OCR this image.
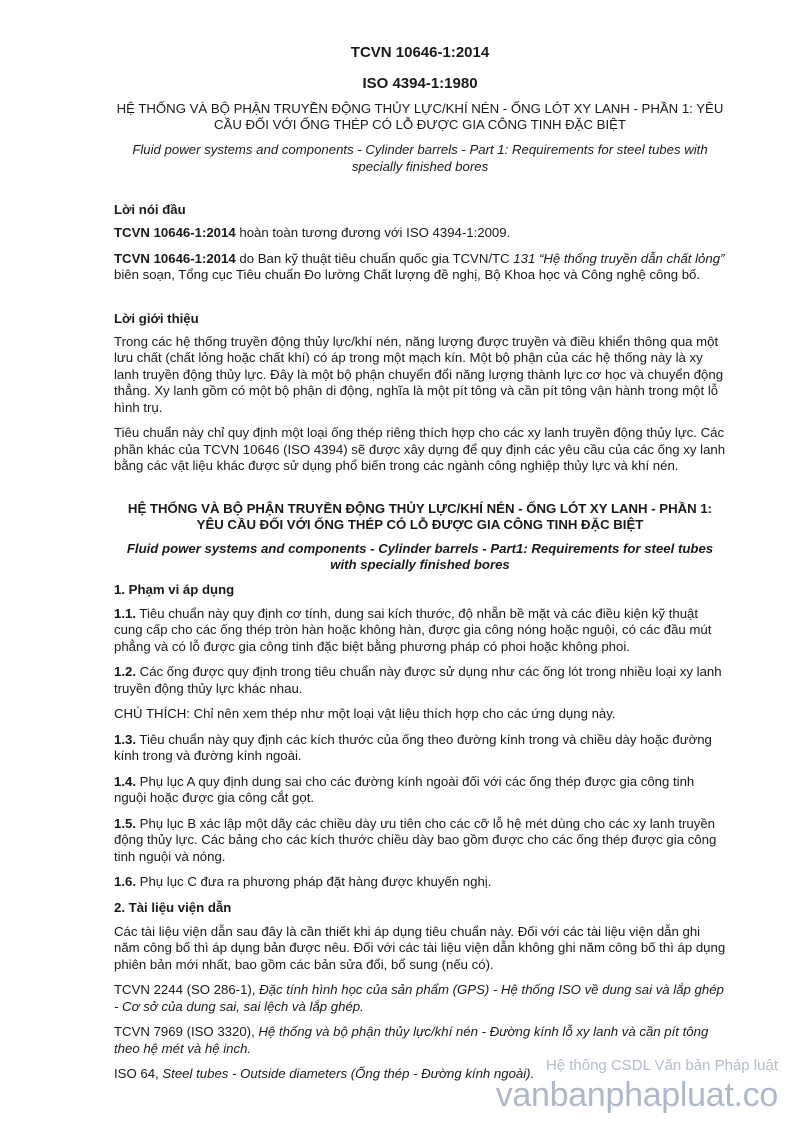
TCVN 10646-1:2014
ISO 4394-1:1980
HỆ THỐNG VÀ BỘ PHẬN TRUYỀN ĐỘNG THỦY LỰC/KHÍ NÉN - ỐNG LÓT XY LANH - PHẦN 1: YÊU CẦU ĐỐI VỚI ỐNG THÉP CÓ LỖ ĐƯỢC GIA CÔNG TINH ĐẶC BIỆT
Fluid power systems and components - Cylinder barrels - Part 1: Requirements for steel tubes with specially finished bores
Lời nói đầu

TCVN 10646-1:2014 hoàn toàn tương đương với ISO 4394-1:2009.

TCVN 10646-1:2014 do Ban kỹ thuật tiêu chuẩn quốc gia TCVN/TC 131 “Hệ thống truyền dẫn chất lỏng” biên soạn, Tổng cục Tiêu chuẩn Đo lường Chất lượng đề nghị, Bộ Khoa học và Công nghệ công bố.

Lời giới thiệu

Trong các hệ thống truyền động thủy lực/khí nén, năng lượng được truyền và điều khiển thông qua một lưu chất (chất lỏng hoặc chất khí) có áp trong một mạch kín. Một bộ phận của các hệ thống này là xy lanh truyền động thủy lực. Đây là một bộ phận chuyển đổi năng lượng thành lực cơ học và chuyển động thẳng. Xy lanh gồm có một bộ phận di động, nghĩa là một pít tông và cần pít tông vận hành trong một lỗ hình trụ.

Tiêu chuẩn này chỉ quy định một loại ống thép riêng thích hợp cho các xy lanh truyền động thủy lực. Các phần khác của TCVN 10646 (ISO 4394) sẽ được xây dựng để quy định các yêu cầu của các ống xy lanh bằng các vật liệu khác được sử dụng phổ biến trong các ngành công nghiệp thủy lực và khí nén.

HỆ THỐNG VÀ BỘ PHẬN TRUYỀN ĐỘNG THỦY LỰC/KHÍ NÉN - ỐNG LÓT XY LANH - PHẦN 1: YÊU CẦU ĐỐI VỚI ỐNG THÉP CÓ LỖ ĐƯỢC GIA CÔNG TINH ĐẶC BIỆT
Fluid power systems and components - Cylinder barrels - Part1: Requirements for steel tubes with specially finished bores
1. Phạm vi áp dụng

1.1. Tiêu chuẩn này quy định cơ tính, dung sai kích thước, độ nhẵn bề mặt và các điều kiện kỹ thuật cung cấp cho các ống thép tròn hàn hoặc không hàn, được gia công nóng hoặc nguội, có các đầu mút phẳng và có lỗ được gia công tinh đặc biệt bằng phương pháp có phoi hoặc không phoi.

1.2. Các ống được quy định trong tiêu chuẩn này được sử dụng như các ống lót trong nhiều loại xy lanh truyền động thủy lực khác nhau.

CHÚ THÍCH: Chỉ nên xem thép như một loại vật liệu thích hợp cho các ứng dụng này.

1.3. Tiêu chuẩn này quy định các kích thước của ống theo đường kính trong và chiều dày hoặc đường kính trong và đường kính ngoài.

1.4. Phụ lục A quy định dung sai cho các đường kính ngoài đối với các ống thép được gia công tinh nguội hoặc được gia công cắt gọt.

1.5. Phụ lục B xác lập một dãy các chiều dày ưu tiên cho các cỡ lỗ hệ mét dùng cho các xy lanh truyền động thủy lực. Các bảng cho các kích thước chiều dày bao gồm được cho các ống thép được gia công tinh nguội và nóng.

1.6. Phụ lục C đưa ra phương pháp đặt hàng được khuyến nghị.

2. Tài liệu viện dẫn

Các tài liệu viện dẫn sau đây là cần thiết khi áp dụng tiêu chuẩn này. Đối với các tài liệu viện dẫn ghi năm công bố thì áp dụng bản được nêu. Đối với các tài liệu viện dẫn không ghi năm công bố thì áp dụng phiên bản mới nhất, bao gồm các bản sửa đổi, bổ sung (nếu có).

TCVN 2244 (SO 286-1), Đặc tính hình học của sản phẩm (GPS) - Hệ thống ISO về dung sai và lắp ghép - Cơ sở của dung sai, sai lệch và lắp ghép.

TCVN 7969 (ISO 3320), Hệ thống và bộ phận thủy lực/khí nén - Đường kính lỗ xy lanh và cần pít tông theo hệ mét và hệ inch.

ISO 64, Steel tubes - Outside diameters (Ống thép - Đường kính ngoài). Hệ thống CSDL Văn bản Pháp luật
vanbanphapluat.co
